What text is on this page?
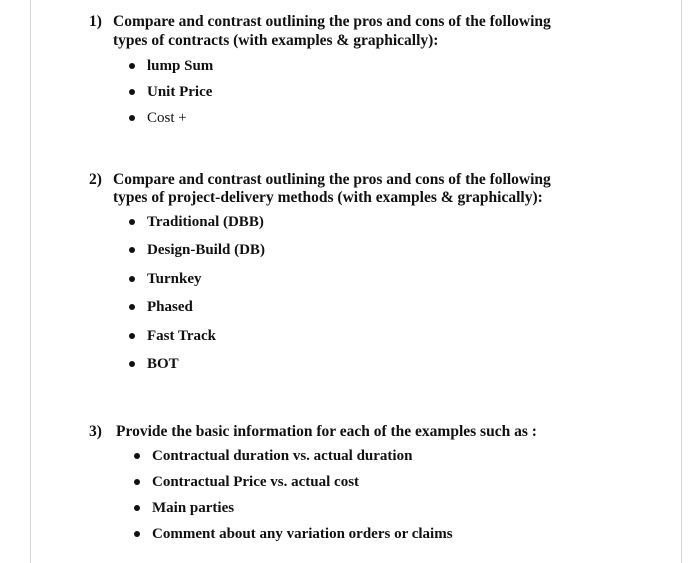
1) Compare and contrast outlining the pros and cons of the following
types of contracts (with examples & graphically):
lump Sum
Unit Price
Cost +
2) Compare and contrast outlining the pros and cons of the following
types of project-delivery methods (with examples & graphically):
Traditional (DBB)
Design-Build (DB)
Turnkey
Phased
Fast Track
BOT
3) Provide the basic information for each of the examples such as :
Contractual duration vs. actual duration
Contractual Price vs. actual cost
Main parties
Comment about any variation orders or claims
